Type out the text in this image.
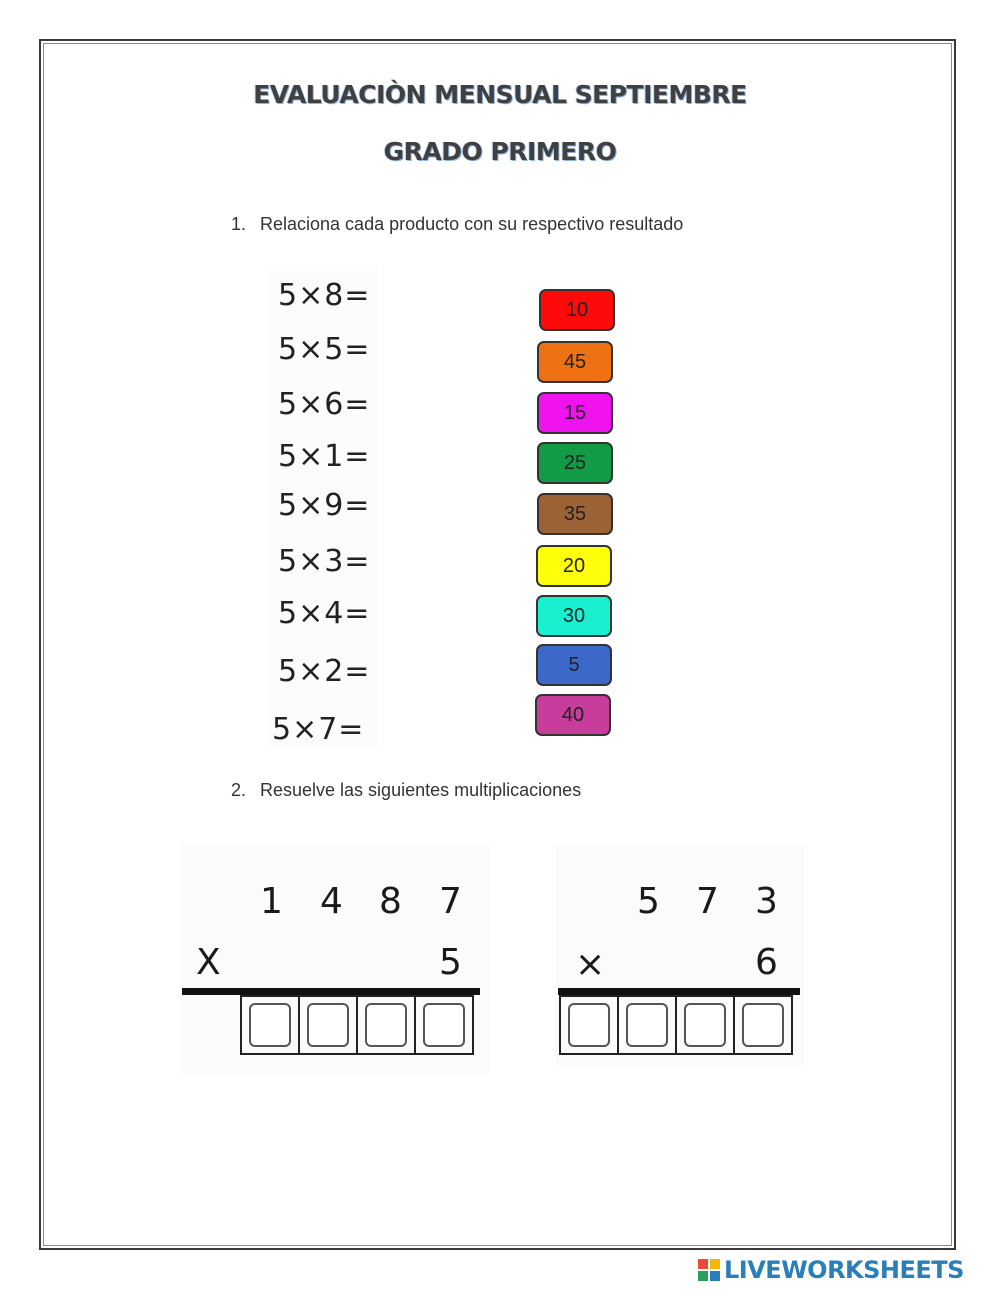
EVALUACIÒN MENSUAL SEPTIEMBRE
GRADO PRIMERO
1. Relaciona cada producto con su respectivo resultado
5×8=
5×5=
5×6=
5×1=
5×9=
5×3=
5×4=
5×2=
5×7=
10
45
15
25
35
20
30
5
40
2. Resuelve las siguientes multiplicaciones
1 4 8 7
X	5
5 7 3
×	6
LIVEWORKSHEETS
